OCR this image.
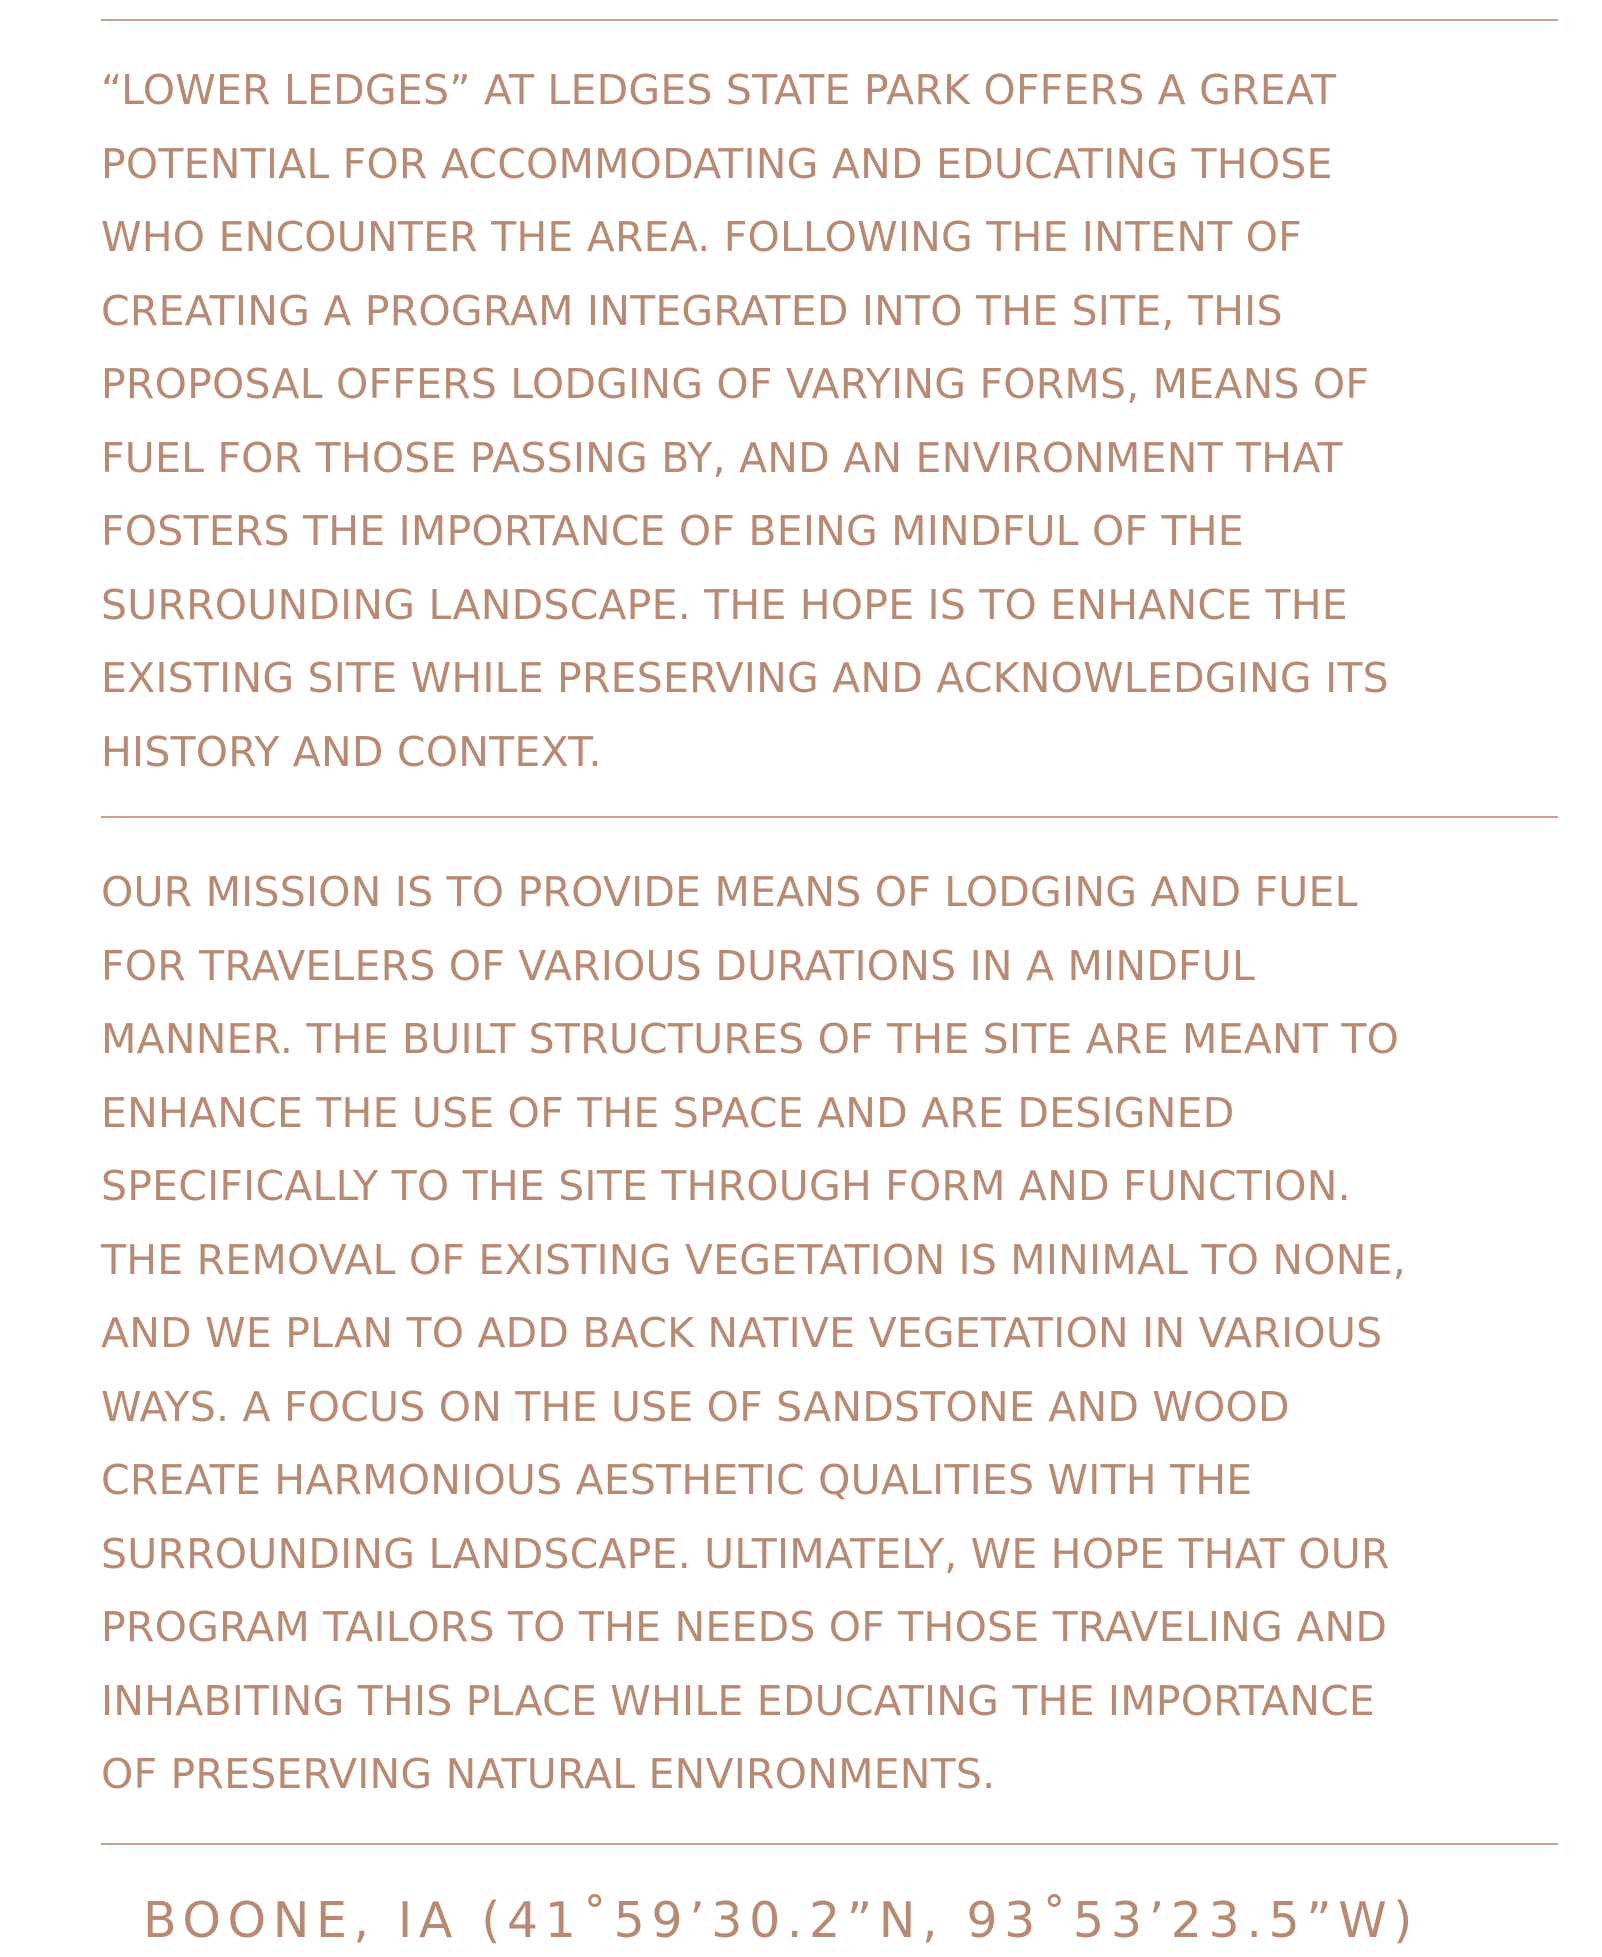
“LOWER LEDGES” AT LEDGES STATE PARK OFFERS A GREAT
POTENTIAL FOR ACCOMMODATING AND EDUCATING THOSE
WHO ENCOUNTER THE AREA. FOLLOWING THE INTENT OF
CREATING A PROGRAM INTEGRATED INTO THE SITE, THIS
PROPOSAL OFFERS LODGING OF VARYING FORMS, MEANS OF
FUEL FOR THOSE PASSING BY, AND AN ENVIRONMENT THAT
FOSTERS THE IMPORTANCE OF BEING MINDFUL OF THE
SURROUNDING LANDSCAPE. THE HOPE IS TO ENHANCE THE
EXISTING SITE WHILE PRESERVING AND ACKNOWLEDGING ITS
HISTORY AND CONTEXT.
OUR MISSION IS TO PROVIDE MEANS OF LODGING AND FUEL
FOR TRAVELERS OF VARIOUS DURATIONS IN A MINDFUL
MANNER. THE BUILT STRUCTURES OF THE SITE ARE MEANT TO
ENHANCE THE USE OF THE SPACE AND ARE DESIGNED
SPECIFICALLY TO THE SITE THROUGH FORM AND FUNCTION.
THE REMOVAL OF EXISTING VEGETATION IS MINIMAL TO NONE,
AND WE PLAN TO ADD BACK NATIVE VEGETATION IN VARIOUS
WAYS. A FOCUS ON THE USE OF SANDSTONE AND WOOD
CREATE HARMONIOUS AESTHETIC QUALITIES WITH THE
SURROUNDING LANDSCAPE. ULTIMATELY, WE HOPE THAT OUR
PROGRAM TAILORS TO THE NEEDS OF THOSE TRAVELING AND
INHABITING THIS PLACE WHILE EDUCATING THE IMPORTANCE
OF PRESERVING NATURAL ENVIRONMENTS.
BOONE, IA (41˚59’30.2”N, 93˚53’23.5”W)
